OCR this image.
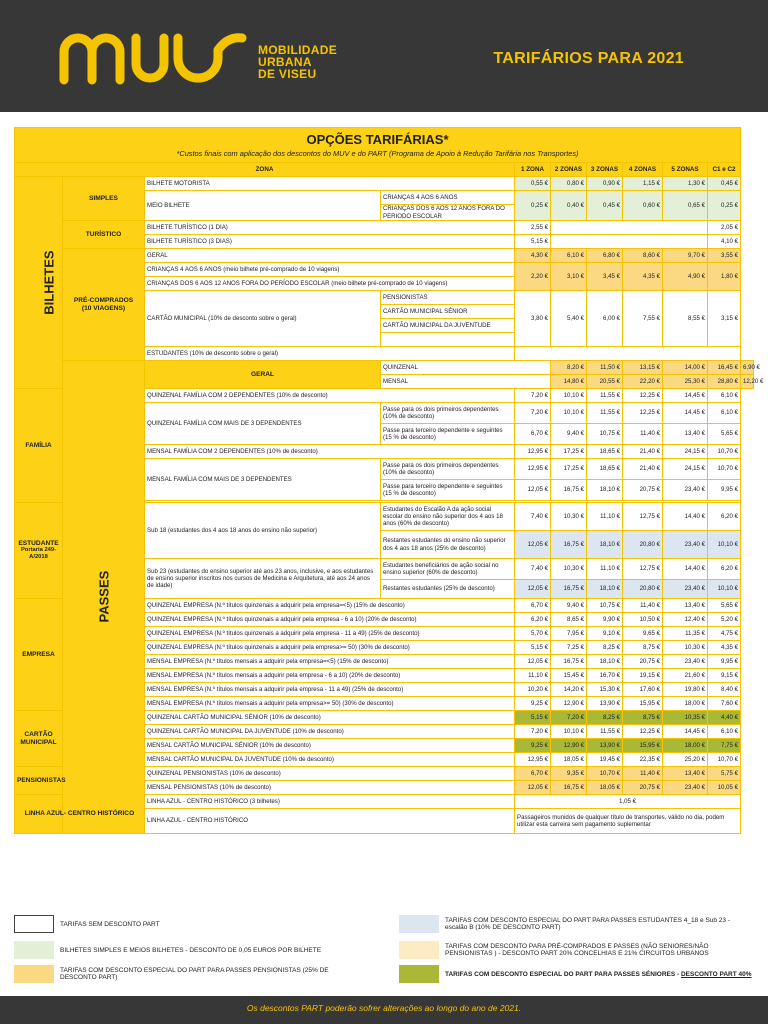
MOBILIDADE
URBANA
DE VISEU
TARIFÁRIOS PARA 2021
OPÇÕES TARIFÁRIAS*
*Custos finais com aplicação dos descontos do MUV e do PART (Programa de Apoio à Redução Tarifária nos Transportes)										

ZONA				1 ZONA	2 ZONAS	3 ZONAS	4 ZONAS	5 ZONAS	C1 e C2	
BILHETES	SIMPLES	BILHETE MOTORISTA		0,55 €	0,80 €	0,90 €	1,15 €	1,30 €	0,45 €	
		MEIO BILHETE	CRIANÇAS 4 AOS 6 ANOS	0,25 €	0,40 €	0,45 €	0,60 €	0,65 €	0,25 €	
			CRIANÇAS DOS 6 AOS 12 ANOS FORA DO PERIODO ESCOLAR							
	TURÍSTICO	BILHETE TURÍSTICO (1 DIA)		2,55 €					2,05 €	
		BILHETE TURÍSTICO (3 DIAS)		5,15 €					4,10 €	
	PRÉ-COMPRADOS
(10 VIAGENS)	GERAL		4,30 €	6,10 €	6,80 €	8,60 €	9,70 €	3,55 €	
		CRIANÇAS 4 AOS 6 ANOS (meio bilhete pré-comprado de 10 viagens)		2,20 €	3,10 €	3,45 €	4,35 €	4,90 €	1,80 €	
		CRIANÇAS DOS 6 AOS 12 ANOS FORA DO PERÍODO ESCOLAR (meio bilhete pré-comprado de 10 viagens)								
		CARTÃO MUNICIPAL (10% de desconto sobre o geral)	PENSIONISTAS	3,80 €	5,40 €	6,00 €	7,55 €	8,55 €	3,15 €	
			CARTÃO MUNICIPAL SÉNIOR							
			CARTÃO MUNICIPAL DA JUVENTUDE							

		ESTUDANTES (10% de desconto sobre o geral)								
	PASSES	GERAL	QUINZENAL		8,20 €	11,50 €	13,15 €	14,00 €	16,45 €	6,90 €
			MENSAL		14,80 €	20,55 €	22,20 €	25,30 €	28,80 €	12,20 €
FAMÍLIA		QUINZENAL FAMÍLIA COM 2 DEPENDENTES (10% de desconto)		7,20 €	10,10 €	11,55 €	12,25 €	14,45 €	6,10 €	
		QUINZENAL FAMÍLIA COM MAIS DE 3 DEPENDENTES	Passe para os dois primeiros dependentes (10% de desconto)	7,20 €	10,10 €	11,55 €	12,25 €	14,45 €	6,10 €	
			Passe para terceiro dependente e seguintes (15 % de desconto)	6,70 €	9,40 €	10,75 €	11,40 €	13,40 €	5,65 €	
		MENSAL FAMÍLIA COM 2 DEPENDENTES (10% de desconto)		12,95 €	17,25 €	18,65 €	21,40 €	24,15 €	10,70 €	
		MENSAL FAMÍLIA COM MAIS DE 3 DEPENDENTES	Passe para os dois primeiros dependentes (10% de desconto)	12,95 €	17,25 €	18,65 €	21,40 €	24,15 €	10,70 €	
			Passe para terceiro dependente e seguintes (15 % de desconto)	12,05 €	16,75 €	18,10 €	20,75 €	23,40 €	9,95 €	

ESTUDANTE
Portaria 249-A/2018		Sub 18 (estudantes dos 4 aos 18 anos do ensino não superior)	Estudantes do Escalão A da ação social escolar do ensino não superior dos 4 aos 18 anos (60% de desconto)	7,40 €	10,30 €	11,10 €	12,75 €	14,40 €	6,20 €	
			Restantes estudantes do ensino não superior dos 4 aos 18 anos (25% de desconto)	12,05 €	16,75 €	18,10 €	20,80 €	23,40 €	10,10 €	
		Sub 23 (estudantes do ensino superior até aos 23 anos, inclusive, e aos estudantes de ensino superior inscritos nos cursos de Medicina e Arquitetura, até aos 24 anos de idade)	Estudantes beneficiários de ação social no ensino superior (60% de desconto)	7,40 €	10,30 €	11,10 €	12,75 €	14,40 €	6,20 €	
			Restantes estudantes (25% de desconto)	12,05 €	16,75 €	18,10 €	20,80 €	23,40 €	10,10 €	
EMPRESA		QUINZENAL EMPRESA (N.º títulos quinzenais a adquirir pela empresa=<5) (15% de desconto)		6,70 €	9,40 €	10,75 €	11,40 €	13,40 €	5,65 €	
		QUINZENAL EMPRESA (N.º títulos quinzenais a adquirir pela empresa - 6 a 10) (20% de desconto)		6,20 €	8,65 €	9,90 €	10,50 €	12,40 €	5,20 €	
		QUINZENAL EMPRESA (N.º títulos quinzenais a adquirir pela empresa - 11 a 49) (25% de desconto)		5,70 €	7,95 €	9,10 €	9,65 €	11,35 €	4,75 €	
		QUINZENAL EMPRESA (N.º títulos quinzenais a adquirir pela empresa>= 50) (30% de desconto)		5,15 €	7,25 €	8,25 €	8,75 €	10,30 €	4,35 €	
		MENSAL EMPRESA (N.º títulos mensais a adquirir pela empresa=<5) (15% de desconto)		12,05 €	16,75 €	18,10 €	20,75 €	23,40 €	9,95 €	
		MENSAL EMPRESA (N.º títulos mensais a adquirir pela empresa - 6 a 10) (20% de desconto)		11,10 €	15,45 €	16,70 €	19,15 €	21,60 €	9,15 €	
		MENSAL EMPRESA (N.º títulos mensais a adquirir pela empresa - 11 a 49) (25% de desconto)		10,20 €	14,20 €	15,30 €	17,60 €	19,80 €	8,40 €	
		MENSAL EMPRESA (N.º títulos mensais a adquirir pela empresa>= 50) (30% de desconto)		9,25 €	12,90 €	13,90 €	15,95 €	18,00 €	7,60 €	
CARTÃO MUNICIPAL		QUINZENAL CARTÃO MUNICIPAL SÉNIOR (10% de desconto)		5,15 €	7,20 €	8,25 €	8,75 €	10,35 €	4,40 €	
		QUINZENAL CARTÃO MUNICIPAL DA JUVENTUDE (10% de desconto)		7,20 €	10,10 €	11,55 €	12,25 €	14,45 €	6,10 €	
		MENSAL CARTÃO MUNICIPAL SÉNIOR (10% de desconto)		9,25 €	12,90 €	13,90 €	15,95 €	18,00 €	7,75 €	
		MENSAL CARTÃO MUNICIPAL DA JUVENTUDE (10% de desconto)		12,95 €	18,05 €	19,45 €	22,35 €	25,20 €	10,70 €	
PENSIONISTAS		QUINZENAL PENSIONISTAS (10% de desconto)		6,70 €	9,35 €	10,70 €	11,40 €	13,40 €	5,75 €	
		MENSAL PENSIONISTAS (10% de desconto)		12,05 €	16,75 €	18,05 €	20,75 €	23,40 €	10,05 €	
LINHA AZUL- CENTRO HISTÓRICO		LINHA AZUL - CENTRO HISTÓRICO (3 bilhetes)		1,05 €						
		LINHA AZUL - CENTRO HISTÓRICO		Passageiros munidos de qualquer título de transportes, válido no dia, podem utilizar esta carreira sem pagamento suplementar						
TARIFAS SEM DESCONTO PART
BILHETES SIMPLES E MEIOS BILHETES - DESCONTO DE 0,05 EUROS POR BILHETE
TARIFAS COM DESCONTO ESPECIAL DO PART PARA PASSES PENSIONISTAS (25% DE DESCONTO PART)
TARIFAS COM DESCONTO ESPECIAL DO PART PARA PASSES ESTUDANTES 4_18 e Sub 23 - escalão B (10% DE DESCONTO PART)
TARIFAS COM DESCONTO PARA PRÉ-COMPRADOS E PASSES (NÃO SENIORES/NÃO PENSIONISTAS ) - DESCONTO PART 20% CONCELHIAS E 21% CIRCUITOS URBANOS
TARIFAS COM DESCONTO ESPECIAL DO PART PARA PASSES SÉNIORES - DESCONTO PART 40%
Os descontos PART poderão sofrer alterações ao longo do ano de 2021.
